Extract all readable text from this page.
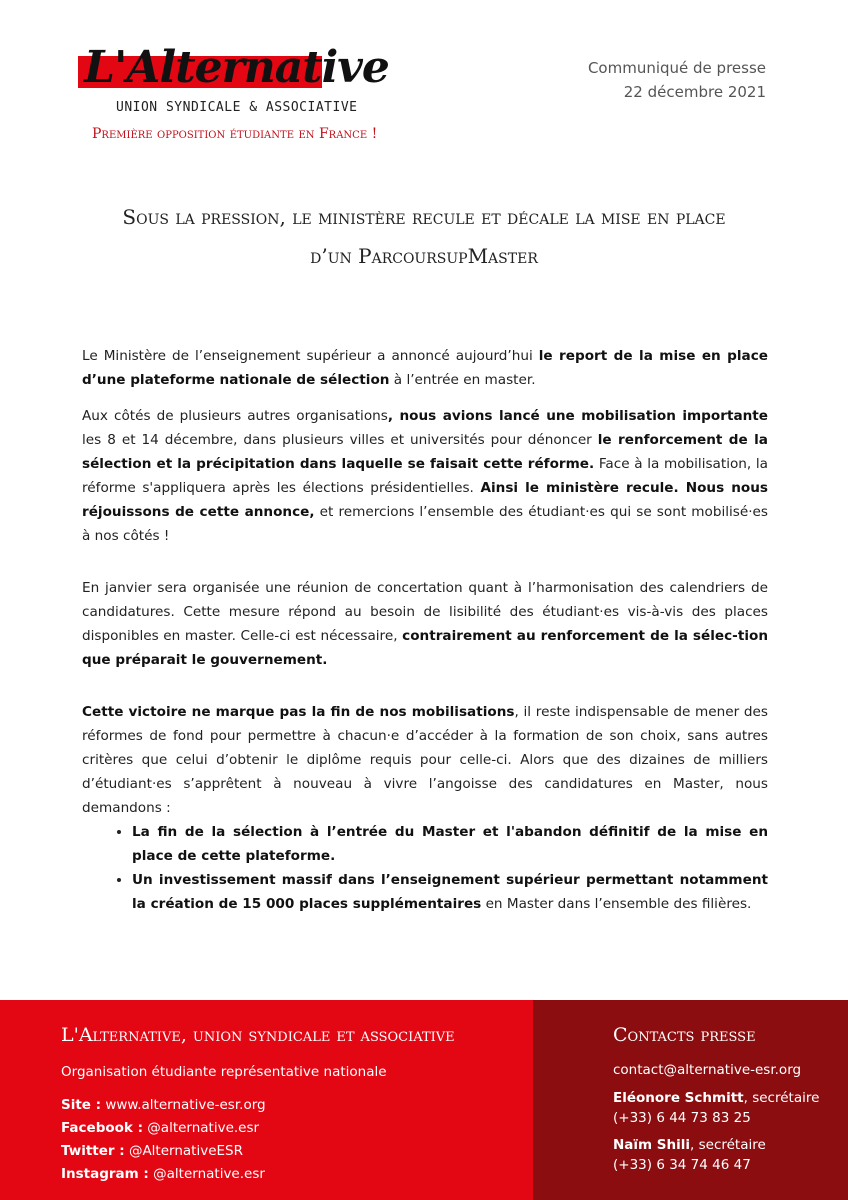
L'Alternative
UNION SYNDICALE & ASSOCIATIVE
Première opposition étudiante en France !
Communiqué de presse
22 décembre 2021
Sous la pression, le ministère recule et décale la mise en place
d’un ParcoursupMaster

Le Ministère de l’enseignement supérieur a annoncé aujourd’hui le report de la mise en place d’une plateforme nationale de sélection à l’entrée en master.

Aux côtés de plusieurs autres organisations, nous avions lancé une mobilisation importante les 8 et 14 décembre, dans plusieurs villes et universités pour dénoncer le renforcement de la sélection et la précipitation dans laquelle se faisait cette réforme. Face à la mobilisation, la réforme s'appliquera après les élections présidentielles. Ainsi le ministère recule. Nous nous réjouissons de cette annonce, et remercions l’ensemble des étudiant·es qui se sont mobilisé·es à nos côtés !

En janvier sera organisée une réunion de concertation quant à l’harmonisation des calendriers de candidatures. Cette mesure répond au besoin de lisibilité des étudiant·es vis-à-vis des places disponibles en master. Celle-ci est nécessaire, contrairement au renforcement de la sélec-tion que préparait le gouvernement.

Cette victoire ne marque pas la fin de nos mobilisations, il reste indispensable de mener des réformes de fond pour permettre à chacun·e d’accéder à la formation de son choix, sans autres critères que celui d’obtenir le diplôme requis pour celle-ci. Alors que des dizaines de milliers d’étudiant·es s’apprêtent à nouveau à vivre l’angoisse des candidatures en Master, nous demandons :

• La fin de la sélection à l’entrée du Master et l'abandon définitif de la mise en place de cette plateforme.
• Un investissement massif dans l’enseignement supérieur permettant notamment la création de 15 000 places supplémentaires en Master dans l’ensemble des filières.
L'Alternative, union syndicale et associative
Organisation étudiante représentative nationale
Site : www.alternative-esr.org
Facebook : @alternative.esr
Twitter : @AlternativeESR
Instagram : @alternative.esr
Contacts presse
contact@alternative-esr.org
Eléonore Schmitt, secrétaire
(+33) 6 44 73 83 25
Naïm Shili, secrétaire
(+33) 6 34 74 46 47
